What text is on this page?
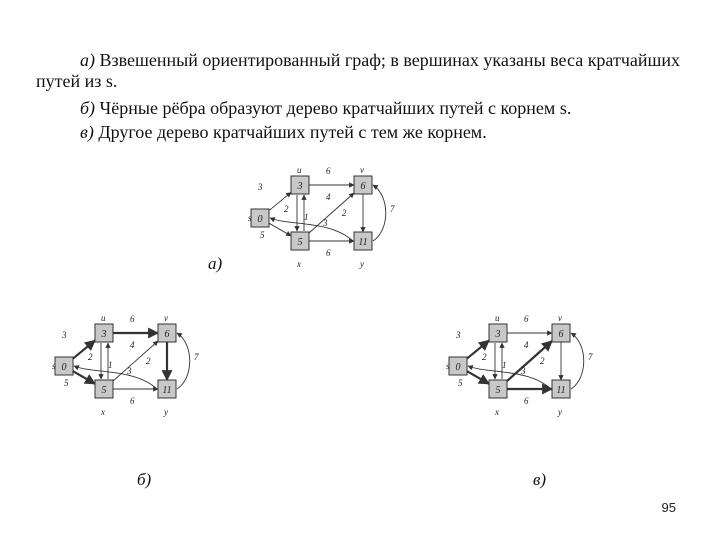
а) Взвешенный ориентированный граф; в вершинах указаны веса кратчайших путей из s.
б) Чёрные рёбра образуют дерево кратчайших путей с корнем s.
в) Другое дерево кратчайших путей с тем же корнем.
3
5
6
2
1
4
6
2	7
3
0
s
3
u
6
v
5
x
11
y
3
5
6
2
1
4
6
2	7
3
0
s
3
u
6
v
5
x
11
y
3
5
6
2
1
4
6
2	7
3
0
s
3
u
6
v
5
x
11
y
а)
б)	в)
95
